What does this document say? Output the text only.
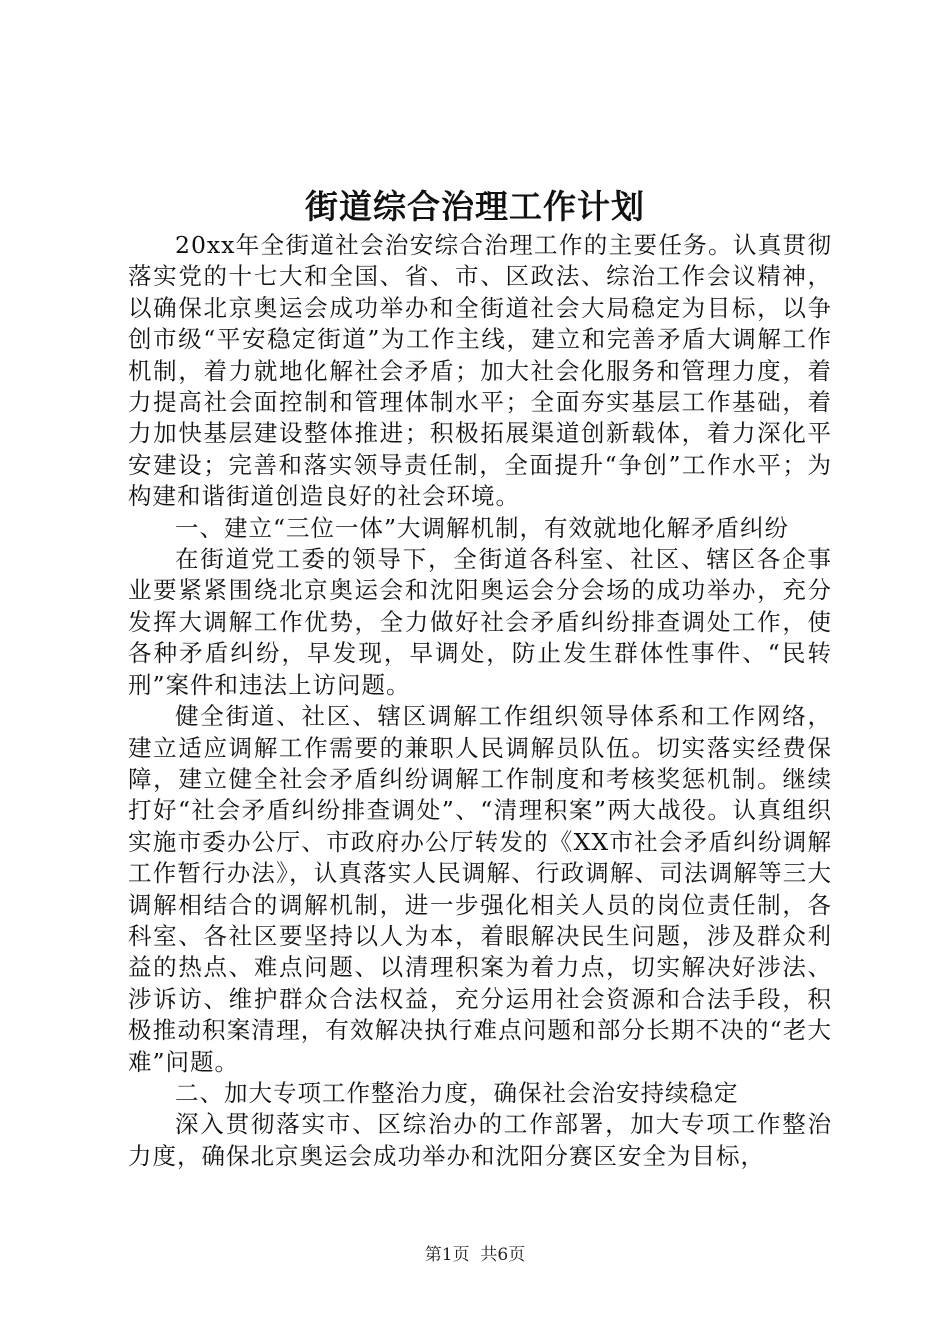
街道综合治理工作计划

20xx年全街道社会治安综合治理工作的主要任务。认真贯彻落实党的十七大和全国、省、市、区政法、综治工作会议精神，以确保北京奥运会成功举办和全街道社会大局稳定为目标，以争创市级“平安稳定街道”为工作主线，建立和完善矛盾大调解工作机制，着力就地化解社会矛盾；加大社会化服务和管理力度，着力提高社会面控制和管理体制水平；全面夯实基层工作基础，着力加快基层建设整体推进；积极拓展渠道创新载体，着力深化平安建设；完善和落实领导责任制，全面提升“争创”工作水平；为构建和谐街道创造良好的社会环境。

一、建立“三位一体”大调解机制，有效就地化解矛盾纠纷

在街道党工委的领导下，全街道各科室、社区、辖区各企事业要紧紧围绕北京奥运会和沈阳奥运会分会场的成功举办，充分发挥大调解工作优势，全力做好社会矛盾纠纷排查调处工作，使各种矛盾纠纷，早发现，早调处，防止发生群体性事件、“民转刑”案件和违法上访问题。

健全街道、社区、辖区调解工作组织领导体系和工作网络，建立适应调解工作需要的兼职人民调解员队伍。切实落实经费保障，建立健全社会矛盾纠纷调解工作制度和考核奖惩机制。继续打好“社会矛盾纠纷排查调处”、“清理积案”两大战役。认真组织实施市委办公厅、市政府办公厅转发的《XX市社会矛盾纠纷调解工作暂行办法》，认真落实人民调解、行政调解、司法调解等三大调解相结合的调解机制，进一步强化相关人员的岗位责任制，各科室、各社区要坚持以人为本，着眼解决民生问题，涉及群众利益的热点、难点问题、以清理积案为着力点，切实解决好涉法、涉诉访、维护群众合法权益，充分运用社会资源和合法手段，积极推动积案清理，有效解决执行难点问题和部分长期不决的“老大难”问题。

二、加大专项工作整治力度，确保社会治安持续稳定

深入贯彻落实市、区综治办的工作部署，加大专项工作整治力度，确保北京奥运会成功举办和沈阳分赛区安全为目标，

第1页 共6页
